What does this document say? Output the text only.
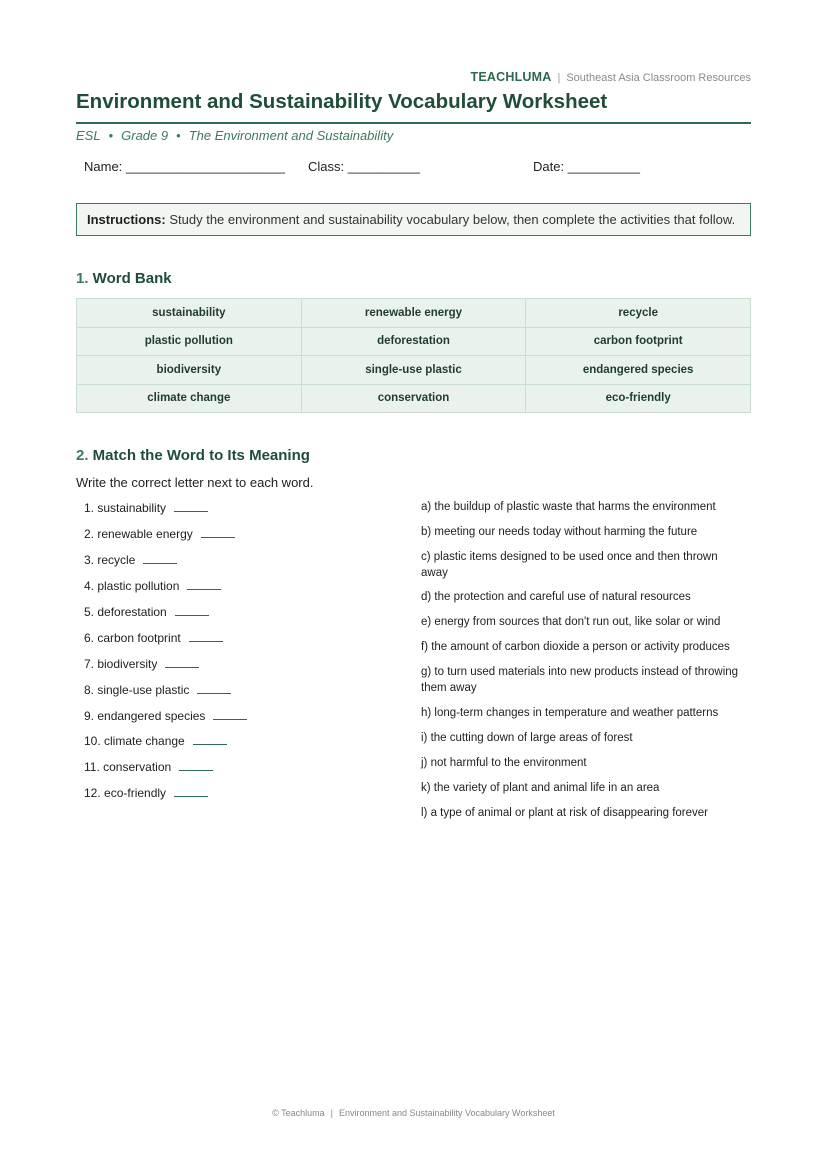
TEACHLUMA | Southeast Asia Classroom Resources
Environment and Sustainability Vocabulary Worksheet
ESL • Grade 9 • The Environment and Sustainability
Name: ______________________ Class: __________	Date: __________
Instructions: Study the environment and sustainability vocabulary below, then complete the activities that follow.
1. Word Bank
sustainability	renewable energy	recycle
plastic pollution	deforestation	carbon footprint
biodiversity	single-use plastic	endangered species
climate change	conservation	eco-friendly
2. Match the Word to Its Meaning
Write the correct letter next to each word.
1. sustainability
2. renewable energy
3. recycle
4. plastic pollution
5. deforestation
6. carbon footprint
7. biodiversity
8. single-use plastic
9. endangered species
10. climate change
11. conservation
12. eco-friendly
a) the buildup of plastic waste that harms the environment
b) meeting our needs today without harming the future
c) plastic items designed to be used once and then thrown away
d) the protection and careful use of natural resources
e) energy from sources that don't run out, like solar or wind
f) the amount of carbon dioxide a person or activity produces
g) to turn used materials into new products instead of throwing them away
h) long-term changes in temperature and weather patterns
i) the cutting down of large areas of forest
j) not harmful to the environment
k) the variety of plant and animal life in an area
l) a type of animal or plant at risk of disappearing forever
© Teachluma | Environment and Sustainability Vocabulary Worksheet
